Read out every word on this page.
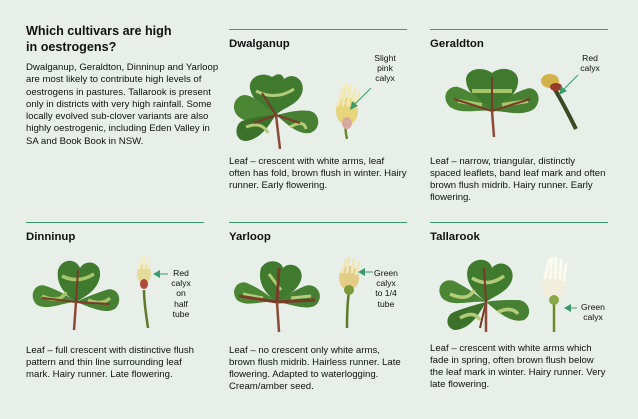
Which cultivars are high
in oestrogens?

Dwalganup, Geraldton, Dinninup and Yarloop are most likely to contribute high levels of oestrogens in pastures. Tallarook is present only in districts with very high rainfall. Some locally evolved sub-clover variants are also highly oestrogenic, including Eden Valley in SA and Book Book in NSW.

Dwalganup
Slight
pink
calyx

Leaf – crescent with white arms, leaf often has fold, brown flush in winter. Hairy runner. Early flowering.

Geraldton
Red
calyx

Leaf – narrow, triangular, distinctly spaced leaflets, band leaf mark and often brown flush midrib. Hairy runner. Early flowering.

Dinninup
Red
calyx
on
half
tube

Leaf – full crescent with distinctive flush pattern and thin line surrounding leaf mark. Hairy runner. Late flowering.

Yarloop
Green
calyx
to 1/4
tube

Leaf – no crescent only white arms, brown flush midrib. Hairless runner. Late flowering. Adapted to waterlogging. Cream/amber seed.

Tallarook
Green
calyx

Leaf – crescent with white arms which fade in spring, often brown flush below the leaf mark in winter. Hairy runner. Very late flowering.
